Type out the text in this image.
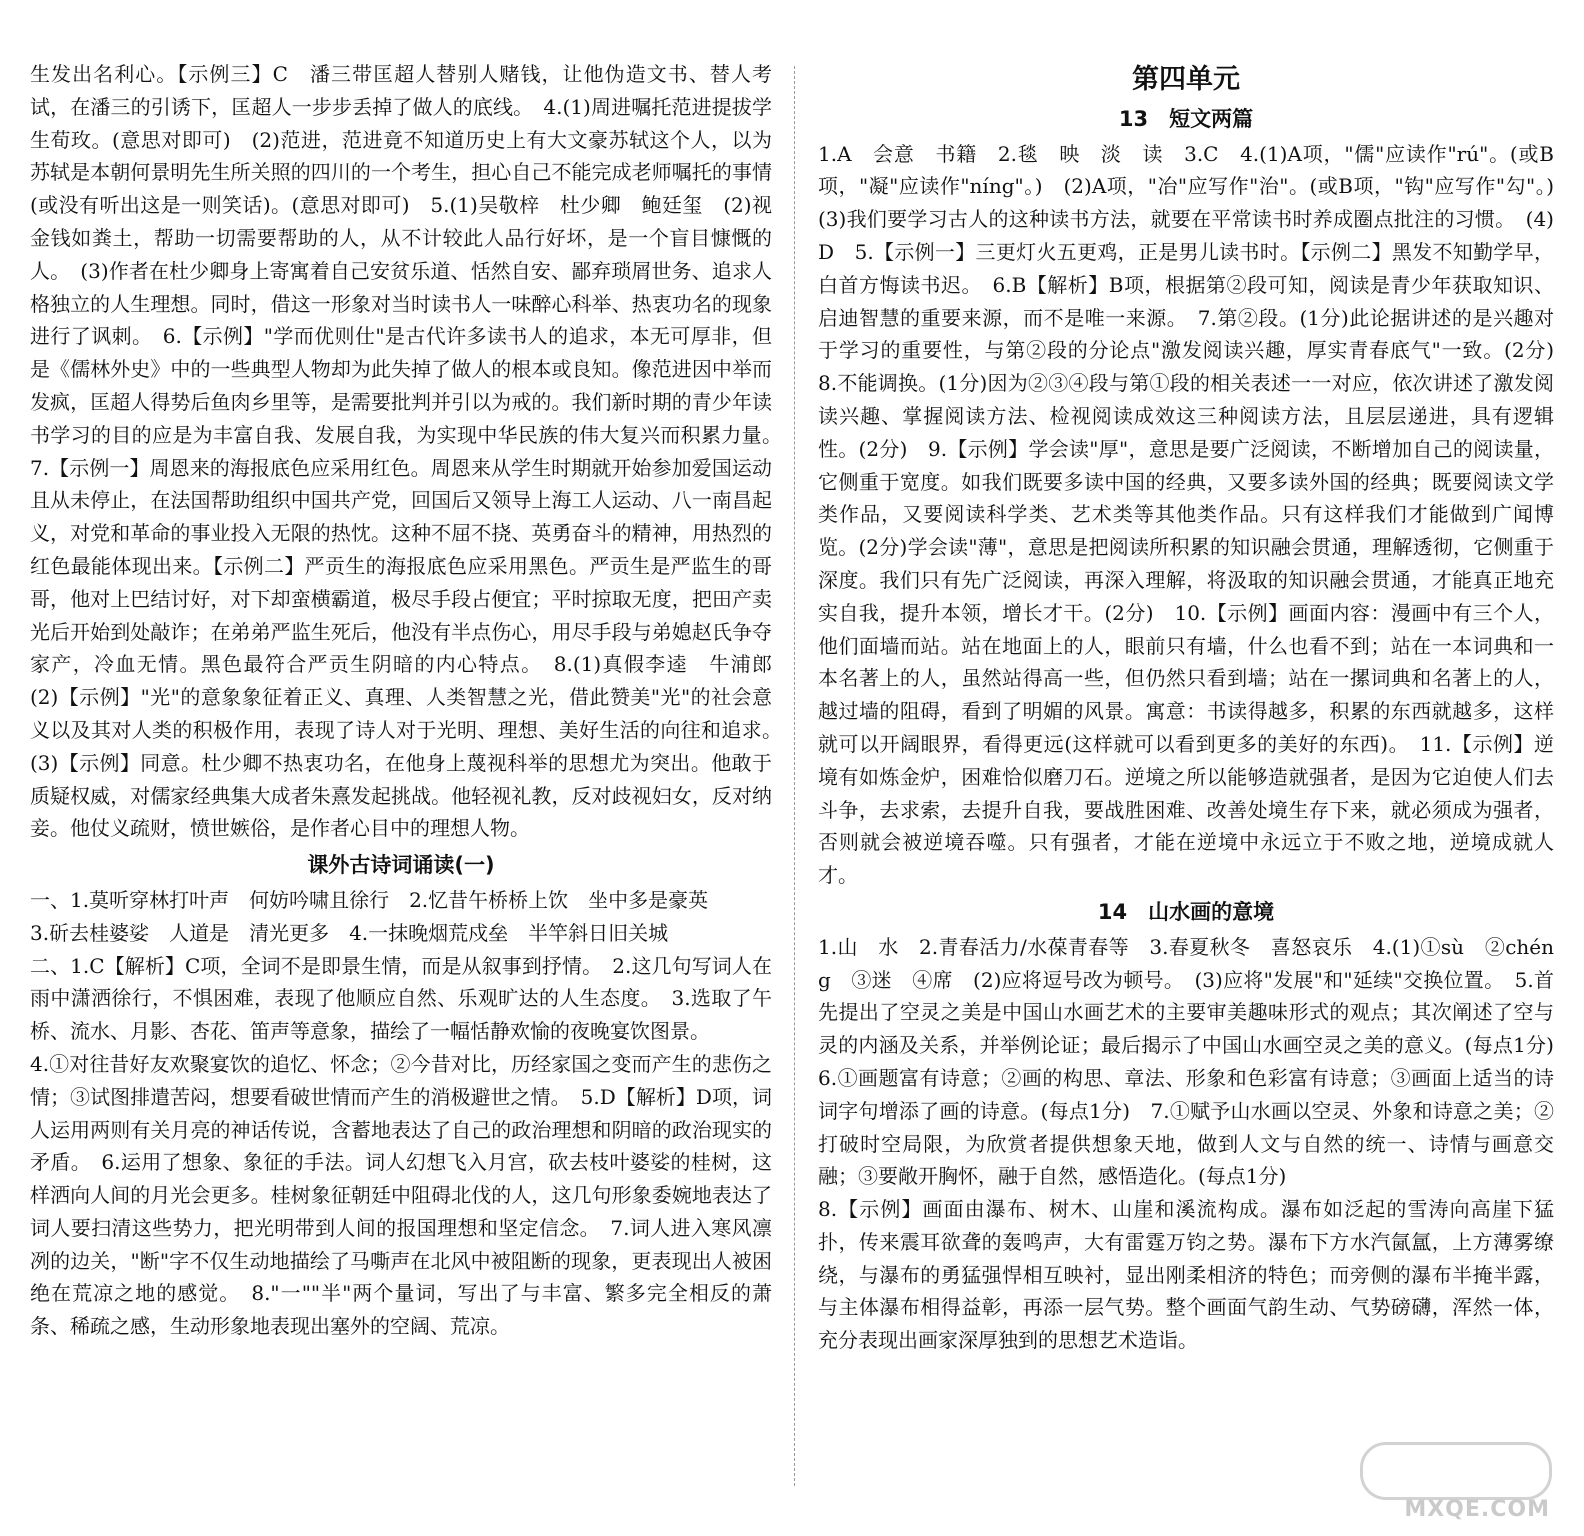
生发出名利心。【示例三】C　潘三带匡超人替别人赌钱，让他伪造文书、替人考试，在潘三的引诱下，匡超人一步步丢掉了做人的底线。　4.(1)周进嘱托范进提拔学生荀玫。(意思对即可)　(2)范进，范进竟不知道历史上有大文豪苏轼这个人，以为苏轼是本朝何景明先生所关照的四川的一个考生，担心自己不能完成老师嘱托的事情(或没有听出这是一则笑话)。(意思对即可)　5.(1)吴敬梓　杜少卿　鲍廷玺　(2)视金钱如粪土，帮助一切需要帮助的人，从不计较此人品行好坏，是一个盲目慷慨的人。　(3)作者在杜少卿身上寄寓着自己安贫乐道、恬然自安、鄙弃琐屑世务、追求人格独立的人生理想。同时，借这一形象对当时读书人一味醉心科举、热衷功名的现象进行了讽刺。　6.【示例】"学而优则仕"是古代许多读书人的追求，本无可厚非，但是《儒林外史》中的一些典型人物却为此失掉了做人的根本或良知。像范进因中举而发疯，匡超人得势后鱼肉乡里等，是需要批判并引以为戒的。我们新时期的青少年读书学习的目的应是为丰富自我、发展自我，为实现中华民族的伟大复兴而积累力量。　7.【示例一】周恩来的海报底色应采用红色。周恩来从学生时期就开始参加爱国运动且从未停止，在法国帮助组织中国共产党，回国后又领导上海工人运动、八一南昌起义，对党和革命的事业投入无限的热忱。这种不屈不挠、英勇奋斗的精神，用热烈的红色最能体现出来。【示例二】严贡生的海报底色应采用黑色。严贡生是严监生的哥哥，他对上巴结讨好，对下却蛮横霸道，极尽手段占便宜；平时掠取无度，把田产卖光后开始到处敲诈；在弟弟严监生死后，他没有半点伤心，用尽手段与弟媳赵氏争夺家产，冷血无情。黑色最符合严贡生阴暗的内心特点。　8.(1)真假李逵　牛浦郎　(2)【示例】"光"的意象象征着正义、真理、人类智慧之光，借此赞美"光"的社会意义以及其对人类的积极作用，表现了诗人对于光明、理想、美好生活的向往和追求。　(3)【示例】同意。杜少卿不热衷功名，在他身上蔑视科举的思想尤为突出。他敢于质疑权威，对儒家经典集大成者朱熹发起挑战。他轻视礼教，反对歧视妇女，反对纳妾。他仗义疏财，愤世嫉俗，是作者心目中的理想人物。

课外古诗词诵读(一)

一、1.莫听穿林打叶声　何妨吟啸且徐行　2.忆昔午桥桥上饮　坐中多是豪英

3.斫去桂婆娑　人道是　清光更多　4.一抹晚烟荒戍垒　半竿斜日旧关城

二、1.C【解析】C项，全词不是即景生情，而是从叙事到抒情。　2.这几句写词人在雨中潇洒徐行，不惧困难，表现了他顺应自然、乐观旷达的人生态度。　3.选取了午桥、流水、月影、杏花、笛声等意象，描绘了一幅恬静欢愉的夜晚宴饮图景。

4.①对往昔好友欢聚宴饮的追忆、怀念；②今昔对比，历经家国之变而产生的悲伤之情；③试图排遣苦闷，想要看破世情而产生的消极避世之情。　5.D【解析】D项，词人运用两则有关月亮的神话传说，含蓄地表达了自己的政治理想和阴暗的政治现实的矛盾。　6.运用了想象、象征的手法。词人幻想飞入月宫，砍去枝叶婆娑的桂树，这样洒向人间的月光会更多。桂树象征朝廷中阻碍北伐的人，这几句形象委婉地表达了词人要扫清这些势力，把光明带到人间的报国理想和坚定信念。　7.词人进入寒风凛冽的边关，"断"字不仅生动地描绘了马嘶声在北风中被阻断的现象，更表现出人被困绝在荒凉之地的感觉。　8."一""半"两个量词，写出了与丰富、繁多完全相反的萧条、稀疏之感，生动形象地表现出塞外的空阔、荒凉。

第四单元
13　短文两篇

1.A　会意　书籍　2.毯　映　淡　读　3.C　4.(1)A项，"儒"应读作"rú"。(或B项，"凝"应读作"níng"。)　(2)A项，"冶"应写作"治"。(或B项，"钩"应写作"勾"。)　(3)我们要学习古人的这种读书方法，就要在平常读书时养成圈点批注的习惯。　(4)D　5.【示例一】三更灯火五更鸡，正是男儿读书时。【示例二】黑发不知勤学早，白首方悔读书迟。　6.B【解析】B项，根据第②段可知，阅读是青少年获取知识、启迪智慧的重要来源，而不是唯一来源。　7.第②段。(1分)此论据讲述的是兴趣对于学习的重要性，与第②段的分论点"激发阅读兴趣，厚实青春底气"一致。(2分)　8.不能调换。(1分)因为②③④段与第①段的相关表述一一对应，依次讲述了激发阅读兴趣、掌握阅读方法、检视阅读成效这三种阅读方法，且层层递进，具有逻辑性。(2分)　9.【示例】学会读"厚"，意思是要广泛阅读，不断增加自己的阅读量，它侧重于宽度。如我们既要多读中国的经典，又要多读外国的经典；既要阅读文学类作品，又要阅读科学类、艺术类等其他类作品。只有这样我们才能做到广闻博览。(2分)学会读"薄"，意思是把阅读所积累的知识融会贯通，理解透彻，它侧重于深度。我们只有先广泛阅读，再深入理解，将汲取的知识融会贯通，才能真正地充实自我，提升本领，增长才干。(2分)　10.【示例】画面内容：漫画中有三个人，他们面墙而站。站在地面上的人，眼前只有墙，什么也看不到；站在一本词典和一本名著上的人，虽然站得高一些，但仍然只看到墙；站在一摞词典和名著上的人，越过墙的阻碍，看到了明媚的风景。寓意：书读得越多，积累的东西就越多，这样就可以开阔眼界，看得更远(这样就可以看到更多的美好的东西)。　11.【示例】逆境有如炼金炉，困难恰似磨刀石。逆境之所以能够造就强者，是因为它迫使人们去斗争，去求索，去提升自我，要战胜困难、改善处境生存下来，就必须成为强者，否则就会被逆境吞噬。只有强者，才能在逆境中永远立于不败之地，逆境成就人才。

14　山水画的意境

1.山　水　2.青春活力/水葆青春等　3.春夏秋冬　喜怒哀乐　4.(1)①sù　②chéng　③迷　④席　(2)应将逗号改为顿号。　(3)应将"发展"和"延续"交换位置。　5.首先提出了空灵之美是中国山水画艺术的主要审美趣味形式的观点；其次阐述了空与灵的内涵及关系，并举例论证；最后揭示了中国山水画空灵之美的意义。(每点1分)　6.①画题富有诗意；②画的构思、章法、形象和色彩富有诗意；③画面上适当的诗词字句增添了画的诗意。(每点1分)　7.①赋予山水画以空灵、外象和诗意之美；②打破时空局限，为欣赏者提供想象天地，做到人文与自然的统一、诗情与画意交融；③要敞开胸怀，融于自然，感悟造化。(每点1分)

8.【示例】画面由瀑布、树木、山崖和溪流构成。瀑布如泛起的雪涛向高崖下猛扑，传来震耳欲聋的轰鸣声，大有雷霆万钧之势。瀑布下方水汽氤氲，上方薄雾缭绕，与瀑布的勇猛强悍相互映衬，显出刚柔相济的特色；而旁侧的瀑布半掩半露，与主体瀑布相得益彰，再添一层气势。整个画面气韵生动、气势磅礴，浑然一体，充分表现出画家深厚独到的思想艺术造诣。

MXQE.COM
